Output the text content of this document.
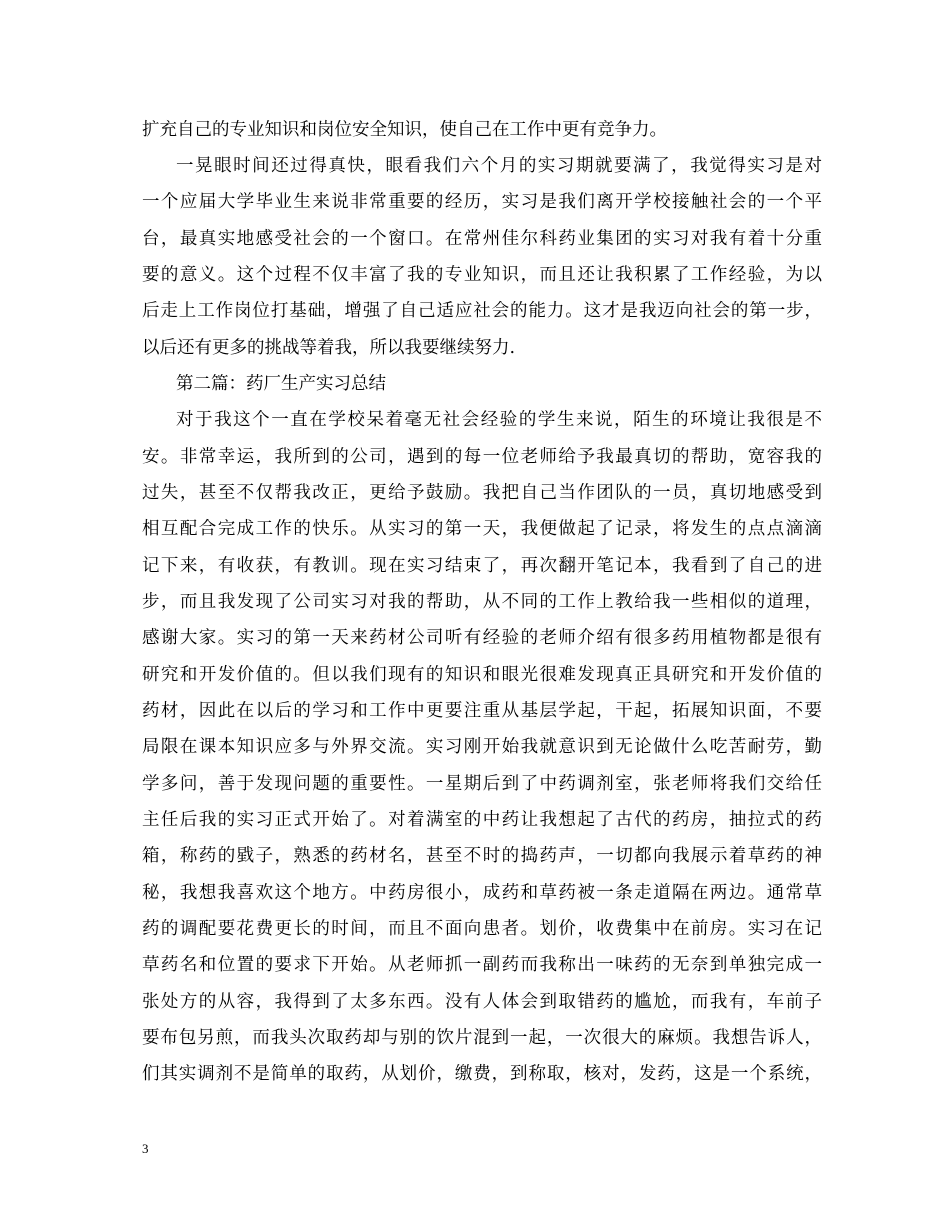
扩充自己的专业知识和岗位安全知识，使自己在工作中更有竞争力。
一晃眼时间还过得真快，眼看我们六个月的实习期就要满了，我觉得实习是对
一个应届大学毕业生来说非常重要的经历，实习是我们离开学校接触社会的一个平
台，最真实地感受社会的一个窗口。在常州佳尔科药业集团的实习对我有着十分重
要的意义。这个过程不仅丰富了我的专业知识，而且还让我积累了工作经验，为以
后走上工作岗位打基础，增强了自己适应社会的能力。这才是我迈向社会的第一步，
以后还有更多的挑战等着我，所以我要继续努力.
第二篇：药厂生产实习总结
对于我这个一直在学校呆着毫无社会经验的学生来说，陌生的环境让我很是不
安。非常幸运，我所到的公司，遇到的每一位老师给予我最真切的帮助，宽容我的
过失，甚至不仅帮我改正，更给予鼓励。我把自己当作团队的一员，真切地感受到
相互配合完成工作的快乐。从实习的第一天，我便做起了记录，将发生的点点滴滴
记下来，有收获，有教训。现在实习结束了，再次翻开笔记本，我看到了自己的进
步，而且我发现了公司实习对我的帮助，从不同的工作上教给我一些相似的道理，
感谢大家。实习的第一天来药材公司听有经验的老师介绍有很多药用植物都是很有
研究和开发价值的。但以我们现有的知识和眼光很难发现真正具研究和开发价值的
药材，因此在以后的学习和工作中更要注重从基层学起，干起，拓展知识面，不要
局限在课本知识应多与外界交流。实习刚开始我就意识到无论做什么吃苦耐劳，勤
学多问，善于发现问题的重要性。一星期后到了中药调剂室，张老师将我们交给任
主任后我的实习正式开始了。对着满室的中药让我想起了古代的药房，抽拉式的药
箱，称药的戥子，熟悉的药材名，甚至不时的捣药声，一切都向我展示着草药的神
秘，我想我喜欢这个地方。中药房很小，成药和草药被一条走道隔在两边。通常草
药的调配要花费更长的时间，而且不面向患者。划价，收费集中在前房。实习在记
草药名和位置的要求下开始。从老师抓一副药而我称出一味药的无奈到单独完成一
张处方的从容，我得到了太多东西。没有人体会到取错药的尴尬，而我有，车前子
要布包另煎，而我头次取药却与别的饮片混到一起，一次很大的麻烦。我想告诉人，
们其实调剂不是简单的取药，从划价，缴费，到称取，核对，发药，这是一个系统，
3
